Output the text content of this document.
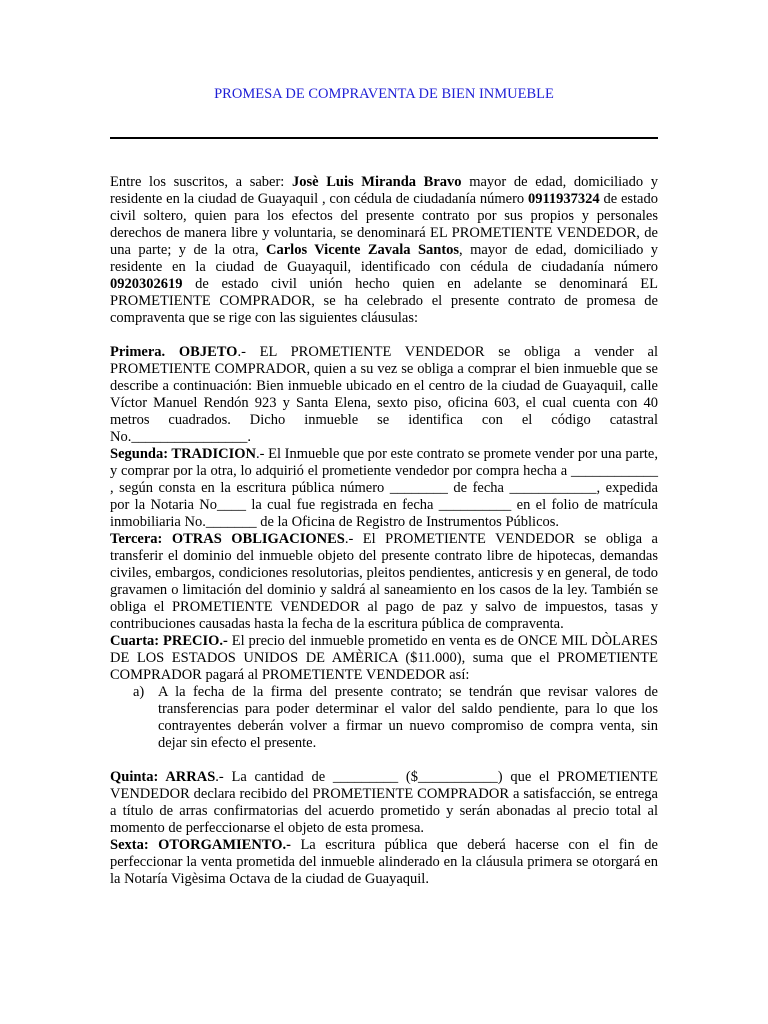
PROMESA DE COMPRAVENTA DE BIEN INMUEBLE

Entre los suscritos, a saber: Josè Luis Miranda Bravo mayor de edad, domiciliado y residente en la ciudad de Guayaquil , con cédula de ciudadanía número 0911937324 de estado civil soltero, quien para los efectos del presente contrato por sus propios y personales derechos de manera libre y voluntaria, se denominará EL PROMETIENTE VENDEDOR, de una parte; y de la otra, Carlos Vicente Zavala Santos, mayor de edad, domiciliado y residente en la ciudad de Guayaquil, identificado con cédula de ciudadanía número 0920302619 de estado civil unión hecho quien en adelante se denominará EL PROMETIENTE COMPRADOR, se ha celebrado el presente contrato de promesa de compraventa que se rige con las siguientes cláusulas:

Primera. OBJETO.- EL PROMETIENTE VENDEDOR se obliga a vender al PROMETIENTE COMPRADOR, quien a su vez se obliga a comprar el bien inmueble que se describe a continuación: Bien inmueble ubicado en el centro de la ciudad de Guayaquil, calle Víctor Manuel Rendón 923 y Santa Elena, sexto piso, oficina 603, el cual cuenta con 40 metros cuadrados. Dicho inmueble se identifica con el código catastral No.________________.

Segunda: TRADICION.- El Inmueble que por este contrato se promete vender por una parte, y comprar por la otra, lo adquirió el prometiente vendedor por compra hecha a ____________ , según consta en la escritura pública número ________ de fecha ____________, expedida por la Notaria No____ la cual fue registrada en fecha __________ en el folio de matrícula inmobiliaria No._______ de la Oficina de Registro de Instrumentos Públicos.

Tercera: OTRAS OBLIGACIONES.- El PROMETIENTE VENDEDOR se obliga a transferir el dominio del inmueble objeto del presente contrato libre de hipotecas, demandas civiles, embargos, condiciones resolutorias, pleitos pendientes, anticresis y en general, de todo gravamen o limitación del dominio y saldrá al saneamiento en los casos de la ley. También se obliga el PROMETIENTE VENDEDOR al pago de paz y salvo de impuestos, tasas y contribuciones causadas hasta la fecha de la escritura pública de compraventa.

Cuarta: PRECIO.- El precio del inmueble prometido en venta es de ONCE MIL DÒLARES DE LOS ESTADOS UNIDOS DE AMÈRICA ($11.000), suma que el PROMETIENTE COMPRADOR pagará al PROMETIENTE VENDEDOR así:

a) A la fecha de la firma del presente contrato; se tendrán que revisar valores de transferencias para poder determinar el valor del saldo pendiente, para lo que los contrayentes deberán volver a firmar un nuevo compromiso de compra venta, sin dejar sin efecto el presente.

Quinta: ARRAS.- La cantidad de _________ ($___________) que el PROMETIENTE VENDEDOR declara recibido del PROMETIENTE COMPRADOR a satisfacción, se entrega a título de arras confirmatorias del acuerdo prometido y serán abonadas al precio total al momento de perfeccionarse el objeto de esta promesa.

Sexta: OTORGAMIENTO.- La escritura pública que deberá hacerse con el fin de perfeccionar la venta prometida del inmueble alinderado en la cláusula primera se otorgará en la Notaría Vigèsima Octava de la ciudad de Guayaquil.
